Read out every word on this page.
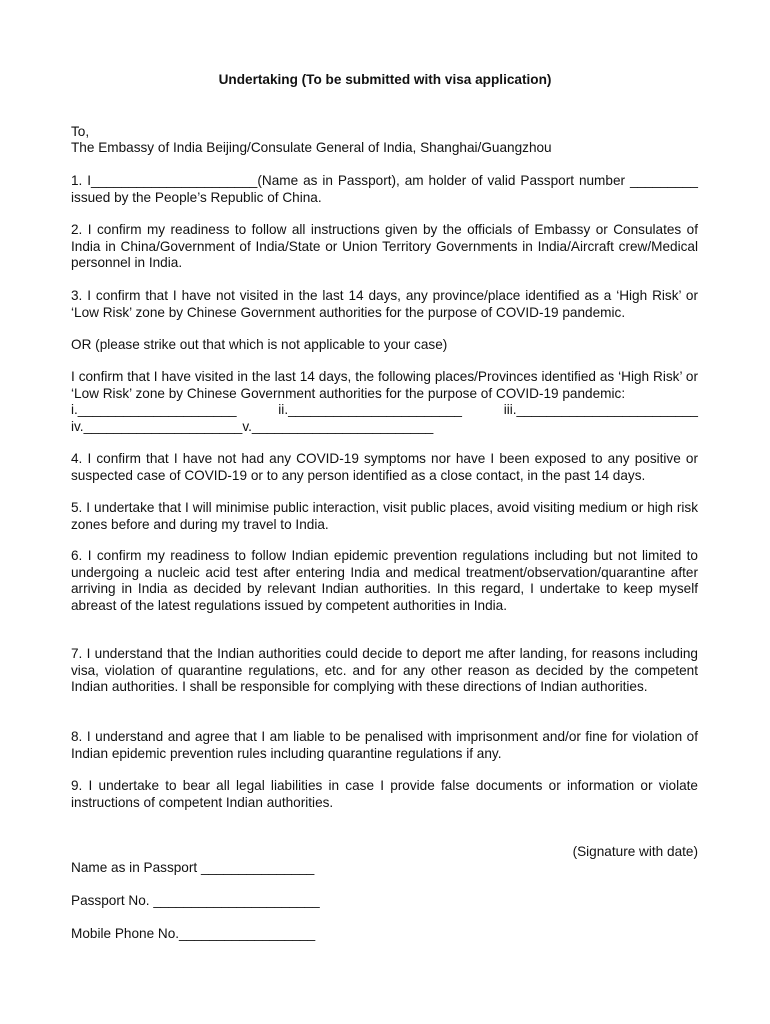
Undertaking (To be submitted with visa application)

To,

The Embassy of India Beijing/Consulate General of India, Shanghai/Guangzhou

1. I______________________(Name as in Passport), am holder of valid Passport number _________ issued by the People’s Republic of China.

2. I confirm my readiness to follow all instructions given by the officials of Embassy or Consulates of India in China/Government of India/State or Union Territory Governments in India/Aircraft crew/Medical personnel in India.

3. I confirm that I have not visited in the last 14 days, any province/place identified as a ‘High Risk’ or ‘Low Risk’ zone by Chinese Government authorities for the purpose of COVID-19 pandemic.

OR (please strike out that which is not applicable to your case)

I confirm that I have visited in the last 14 days, the following places/Provinces identified as ‘High Risk’ or ‘Low Risk’ zone by Chinese Government authorities for the purpose of COVID-19 pandemic:

i._____________________	ii._______________________	iii.________________________

iv._____________________v.________________________

4. I confirm that I have not had any COVID-19 symptoms nor have I been exposed to any positive or suspected case of COVID-19 or to any person identified as a close contact, in the past 14 days.

5. I undertake that I will minimise public interaction, visit public places, avoid visiting medium or high risk zones before and during my travel to India.

6. I confirm my readiness to follow Indian epidemic prevention regulations including but not limited to undergoing a nucleic acid test after entering India and medical treatment/observation/quarantine after arriving in India as decided by relevant Indian authorities. In this regard, I undertake to keep myself abreast of the latest regulations issued by competent authorities in India.

7. I understand that the Indian authorities could decide to deport me after landing, for reasons including visa, violation of quarantine regulations, etc. and for any other reason as decided by the competent Indian authorities. I shall be responsible for complying with these directions of Indian authorities.

8. I understand and agree that I am liable to be penalised with imprisonment and/or fine for violation of Indian epidemic prevention rules including quarantine regulations if any.

9. I undertake to bear all legal liabilities in case I provide false documents or information or violate instructions of competent Indian authorities.

(Signature with date)

Name as in Passport _______________

Passport No. ______________________

Mobile Phone No.__________________
